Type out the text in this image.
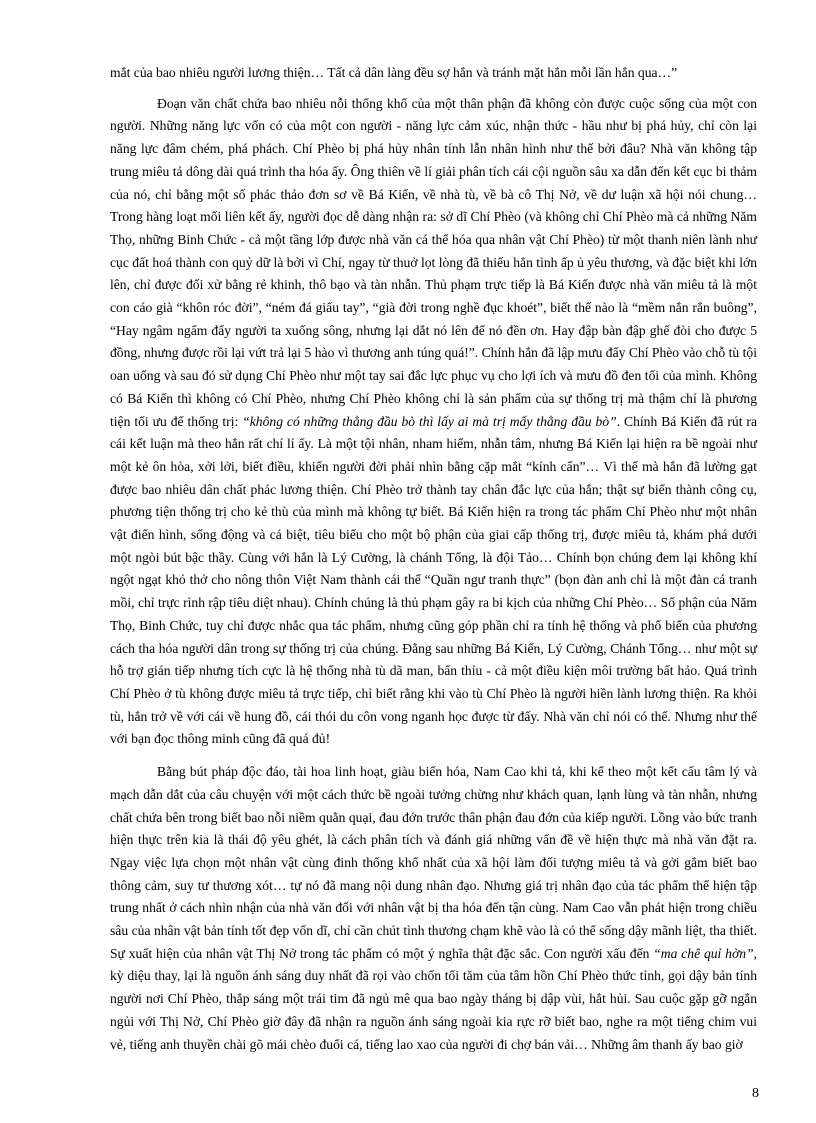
mắt của bao nhiêu người lương thiện… Tất cả dân làng đều sợ hắn và tránh mặt hắn mỗi lần hắn qua…”

Đoạn văn chất chứa bao nhiêu nỗi thống khổ của một thân phận đã không còn được cuộc sống của một con người. Những năng lực vốn có của một con người - năng lực cảm xúc, nhận thức - hầu như bị phá hủy, chỉ còn lại năng lực đâm chém, phá phách. Chí Phèo bị phá hủy nhân tính lẫn nhân hình như thế bởi đâu? Nhà văn không tập trung miêu tả dông dài quá trình tha hóa ấy. Ông thiên về lí giải phân tích cái cội nguồn sâu xa dẫn đến kết cục bi thảm của nó, chỉ bằng một số phác thảo đơn sơ về Bá Kiến, về nhà tù, về bà cô Thị Nở, về dư luận xã hội nói chung… Trong hàng loạt mối liên kết ấy, người đọc dễ dàng nhận ra: sở dĩ Chí Phèo (và không chỉ Chí Phèo mà cả những Năm Thọ, những Binh Chức - cả một tầng lớp được nhà văn cá thể hóa qua nhân vật Chí Phèo) từ một thanh niên lành như cục đất hoá thành con quỷ dữ là bởi vì Chí, ngay từ thuở lọt lòng đã thiếu hẳn tình ấp ủ yêu thương, và đặc biệt khi lớn lên, chỉ được đối xử bằng rẻ khinh, thô bạo và tàn nhẫn. Thủ phạm trực tiếp là Bá Kiến được nhà văn miêu tả là một con cáo già “khôn róc đời”, “ném đá giấu tay”, “già đời trong nghề đục khoét”, biết thế nào là “mềm nắn rắn buông”, “Hay ngâm ngẩm đẩy người ta xuống sông, nhưng lại dắt nó lên để nó đền ơn. Hay đập bàn đập ghế đòi cho được 5 đồng, nhưng được rồi lại vứt trả lại 5 hào vì thương anh túng quá!”. Chính hắn đã lập mưu đẩy Chí Phèo vào chỗ tù tội oan uổng và sau đó sử dụng Chí Phèo như một tay sai đắc lực phục vụ cho lợi ích và mưu đồ đen tối của mình. Không có Bá Kiến thì không có Chí Phèo, nhưng Chí Phèo không chỉ là sản phẩm của sự thống trị mà thậm chí là phương tiện tối ưu để thống trị: “không có những thằng đầu bò thì lấy ai mà trị mấy thằng đầu bò”. Chính Bá Kiến đã rút ra cái kết luận mà theo hắn rất chí lí ấy. Là một tội nhân, nham hiểm, nhẫn tâm, nhưng Bá Kiến lại hiện ra bề ngoài như một kẻ ôn hòa, xởi lởi, biết điều, khiến người đời phải nhìn bằng cặp mắt “kính cẩn”… Vì thế mà hắn đã lường gạt được bao nhiêu dân chất phác lương thiện. Chí Phèo trở thành tay chân đắc lực của hắn; thật sự biến thành công cụ, phương tiện thống trị cho kẻ thù của mình mà không tự biết. Bá Kiến hiện ra trong tác phẩm Chí Phèo như một nhân vật điển hình, sống động và cá biệt, tiêu biểu cho một bộ phận của giai cấp thống trị, được miêu tả, khám phá dưới một ngòi bút bậc thầy. Cùng với hắn là Lý Cường, là chánh Tổng, là đội Tảo… Chính bọn chúng đem lại không khí ngột ngạt khó thở cho nông thôn Việt Nam thành cái thế “Quần ngư tranh thực” (bọn đàn anh chỉ là một đàn cá tranh mồi, chỉ trực rình rập tiêu diệt nhau). Chính chúng là thủ phạm gây ra bi kịch của những Chí Phèo… Số phận của Năm Thọ, Binh Chức, tuy chỉ được nhắc qua tác phẩm, nhưng cũng góp phần chỉ ra tính hệ thống và phổ biến của phương cách tha hóa người dân trong sự thống trị của chúng. Đằng sau những Bá Kiến, Lý Cường, Chánh Tổng… như một sự hỗ trợ gián tiếp nhưng tích cực là hệ thống nhà tù dã man, bẩn thỉu - cả một điều kiện môi trường bất hảo. Quá trình Chí Phèo ở tù không được miêu tả trực tiếp, chỉ biết rằng khi vào tù Chí Phèo là người hiền lành lương thiện. Ra khỏi tù, hắn trở về với cái về hung đồ, cái thói du côn vong nganh học được từ đấy. Nhà văn chỉ nói có thế. Nhưng như thế với bạn đọc thông minh cũng đã quá đủ!

Bằng bút pháp độc đáo, tài hoa linh hoạt, giàu biến hóa, Nam Cao khi tả, khi kể theo một kết cấu tâm lý và mạch dẫn dắt của câu chuyện với một cách thức bề ngoài tưởng chừng như khách quan, lạnh lùng và tàn nhẫn, nhưng chất chứa bên trong biết bao nỗi niềm quằn quại, đau đớn trước thân phận đau đớn của kiếp người. Lồng vào bức tranh hiện thực trên kia là thái độ yêu ghét, là cách phân tích và đánh giá những vấn đề về hiện thực mà nhà văn đặt ra. Ngay việc lựa chọn một nhân vật cùng đinh thống khổ nhất của xã hội làm đối tượng miêu tả và gởi gắm biết bao thông cảm, suy tư thương xót… tự nó đã mang nội dung nhân đạo. Nhưng giá trị nhân đạo của tác phẩm thể hiện tập trung nhất ở cách nhìn nhận của nhà văn đối với nhân vật bị tha hóa đến tận cùng. Nam Cao vẫn phát hiện trong chiều sâu của nhân vật bản tính tốt đẹp vốn dĩ, chỉ cần chút tình thương chạm khẽ vào là có thể sống dậy mãnh liệt, tha thiết. Sự xuất hiện của nhân vật Thị Nở trong tác phẩm có một ý nghĩa thật đặc sắc. Con người xấu đến “ma chê quỉ hờn”, kỳ diệu thay, lại là nguồn ánh sáng duy nhất đã rọi vào chốn tối tăm của tâm hồn Chí Phèo thức tỉnh, gọi dậy bản tính người nơi Chí Phèo, thắp sáng một trái tim đã ngủ mê qua bao ngày tháng bị dập vùi, hắt hủi. Sau cuộc gặp gỡ ngắn ngủi với Thị Nở, Chí Phèo giờ đây đã nhận ra nguồn ánh sáng ngoài kia rực rỡ biết bao, nghe ra một tiếng chim vui vẻ, tiếng anh thuyền chài gõ mái chèo đuổi cá, tiếng lao xao của người đi chợ bán vải… Những âm thanh ấy bao giờ

8
